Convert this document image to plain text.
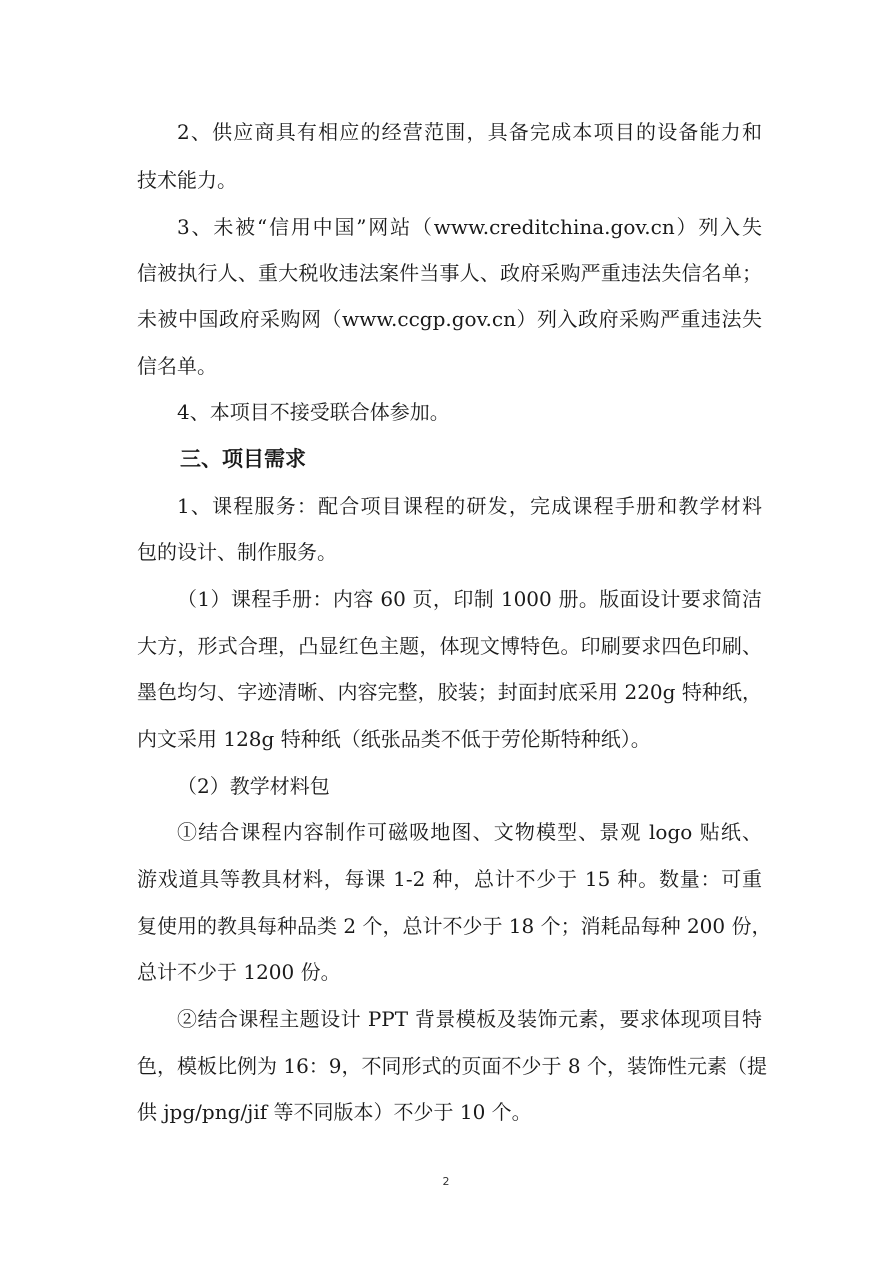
2、供应商具有相应的经营范围，具备完成本项目的设备能力和
技术能力。
3、未被“信用中国”网站（www.creditchina.gov.cn）列入失
信被执行人、重大税收违法案件当事人、政府采购严重违法失信名单；
未被中国政府采购网（www.ccgp.gov.cn）列入政府采购严重违法失
信名单。
4、本项目不接受联合体参加。
三、项目需求
1、课程服务：配合项目课程的研发，完成课程手册和教学材料
包的设计、制作服务。
（1）课程手册：内容 60 页，印制 1000 册。版面设计要求简洁
大方，形式合理，凸显红色主题，体现文博特色。印刷要求四色印刷、
墨色均匀、字迹清晰、内容完整，胶装；封面封底采用 220g 特种纸，
内文采用 128g 特种纸（纸张品类不低于劳伦斯特种纸）。
（2）教学材料包
①结合课程内容制作可磁吸地图、文物模型、景观 logo 贴纸、
游戏道具等教具材料，每课 1-2 种，总计不少于 15 种。数量：可重
复使用的教具每种品类 2 个，总计不少于 18 个；消耗品每种 200 份，
总计不少于 1200 份。
②结合课程主题设计 PPT 背景模板及装饰元素，要求体现项目特
色，模板比例为 16：9，不同形式的页面不少于 8 个，装饰性元素（提
供 jpg/png/jif 等不同版本）不少于 10 个。
2
